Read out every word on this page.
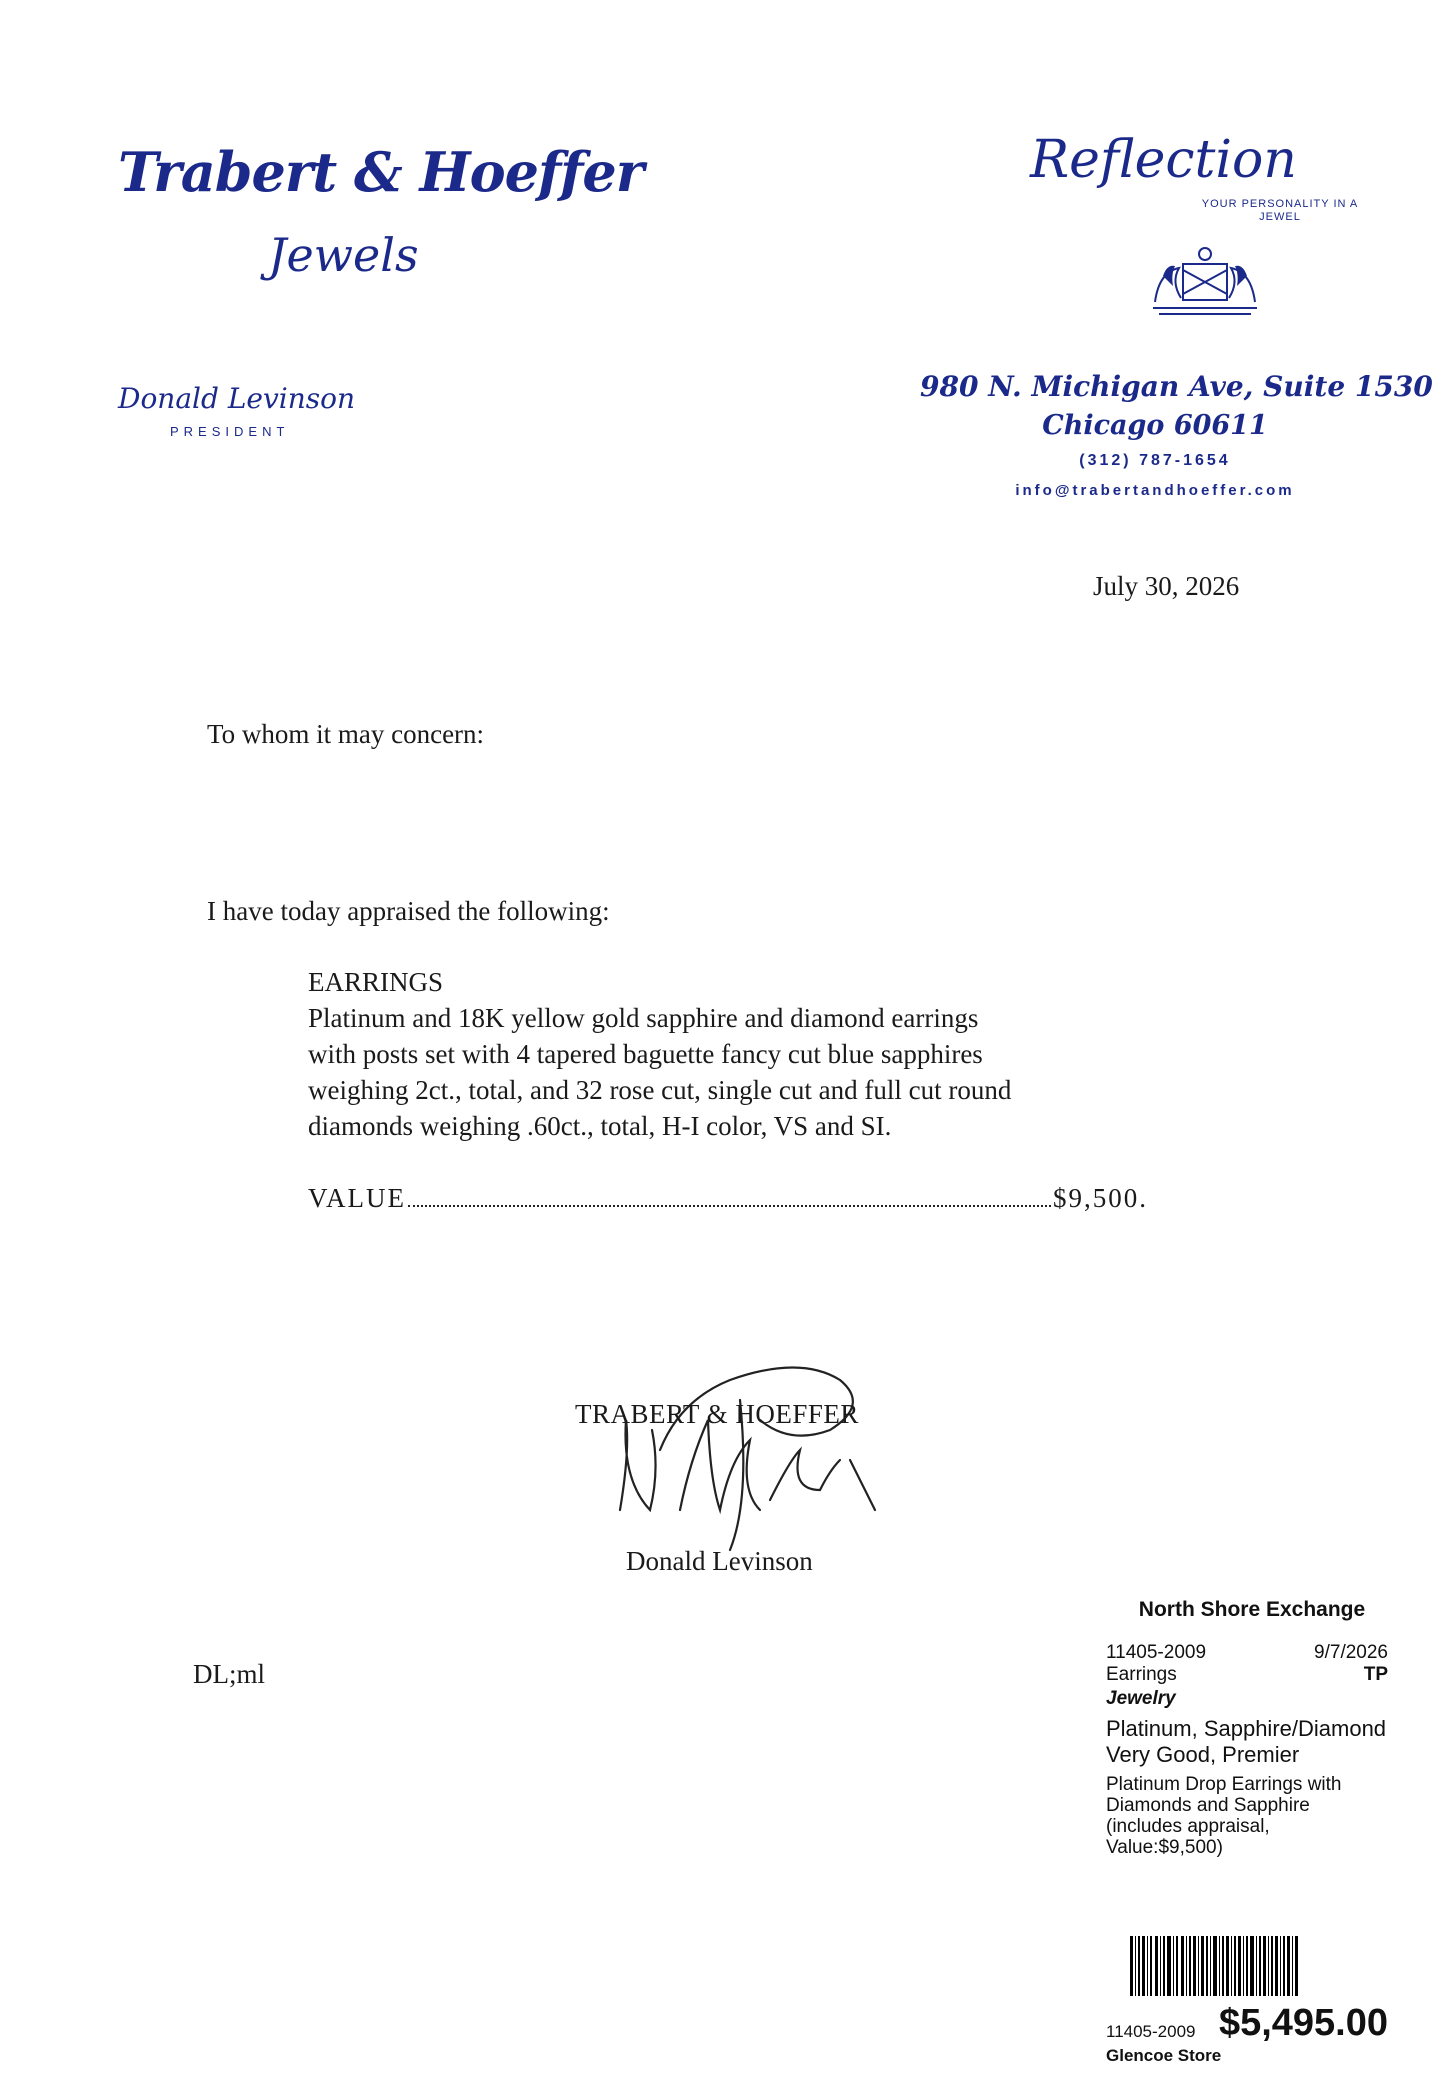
Trabert & Hoeffer
Jewels
Donald Levinson
PRESIDENT
Reflection
YOUR PERSONALITY IN A JEWEL
980 N. Michigan Ave, Suite 1530
Chicago 60611
(312) 787-1654
info@trabertandhoeffer.com
July 30, 2026
To whom it may concern:
I have today appraised the following:
EARRINGS
Platinum and 18K yellow gold sapphire and diamond earrings
with posts set with 4 tapered baguette fancy cut blue sapphires
weighing 2ct., total, and 32 rose cut, single cut and full cut round
diamonds weighing .60ct., total, H-I color, VS and SI.
VALUE	$9,500.
TRABERT & HOEFFER
Donald Levinson
DL;ml
North Shore Exchange
11405-2009	9/7/2026
Earrings	TP
Jewelry
Platinum, Sapphire/Diamond
Very Good, Premier
Platinum Drop Earrings with
Diamonds and Sapphire
(includes appraisal,
Value:$9,500)
11405-2009 $5,495.00
Glencoe Store
